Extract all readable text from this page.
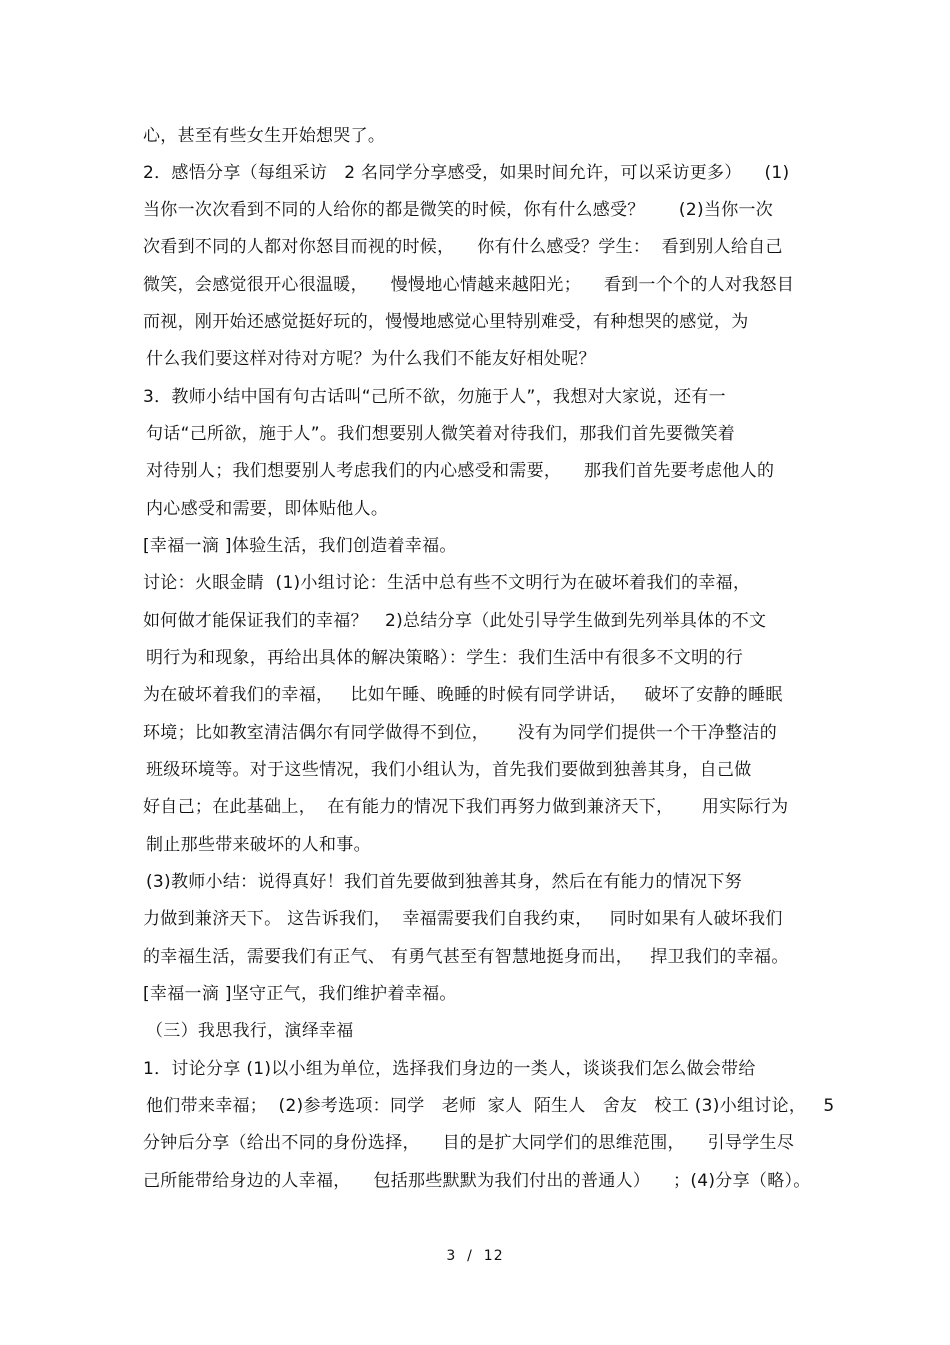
心，甚至有些女生开始想哭了。
2．感悟分享（每组采访   2 名同学分享感受，如果时间允许，可以采访更多）    (1)
当你一次次看到不同的人给你的都是微笑的时候，你有什么感受？      (2)当你一次
次看到不同的人都对你怒目而视的时候，    你有什么感受？学生：  看到别人给自己
微笑，会感觉很开心很温暖，    慢慢地心情越来越阳光；    看到一个个的人对我怒目
而视，刚开始还感觉挺好玩的，慢慢地感觉心里特别难受，有种想哭的感觉，为
什么我们要这样对待对方呢？为什么我们不能友好相处呢？
3．教师小结中国有句古话叫“己所不欲，勿施于人”，我想对大家说，还有一
句话“己所欲，施于人”。我们想要别人微笑着对待我们，那我们首先要微笑着
对待别人；我们想要别人考虑我们的内心感受和需要，    那我们首先要考虑他人的
内心感受和需要，即体贴他人。
[幸福一滴 ]体验生活，我们创造着幸福。
讨论：火眼金睛  (1)小组讨论：生活中总有些不文明行为在破坏着我们的幸福，
如何做才能保证我们的幸福？   2)总结分享（此处引导学生做到先列举具体的不文
明行为和现象，再给出具体的解决策略）：学生：我们生活中有很多不文明的行
为在破坏着我们的幸福，   比如午睡、晚睡的时候有同学讲话，   破坏了安静的睡眠
环境；比如教室清洁偶尔有同学做得不到位，     没有为同学们提供一个干净整洁的
班级环境等。对于这些情况，我们小组认为，首先我们要做到独善其身，自己做
好自己；在此基础上，  在有能力的情况下我们再努力做到兼济天下，     用实际行为
制止那些带来破坏的人和事。
(3)教师小结：说得真好！我们首先要做到独善其身，然后在有能力的情况下努
力做到兼济天下。 这告诉我们，  幸福需要我们自我约束，   同时如果有人破坏我们
的幸福生活，需要我们有正气、 有勇气甚至有智慧地挺身而出，   捍卫我们的幸福。
[幸福一滴 ]坚守正气，我们维护着幸福。
（三）我思我行，演绎幸福
1．讨论分享 (1)以小组为单位，选择我们身边的一类人，谈谈我们怎么做会带给
他们带来幸福；  (2)参考选项：同学   老师  家人  陌生人   舍友   校工 (3)小组讨论，   5
分钟后分享（给出不同的身份选择，    目的是扩大同学们的思维范围，    引导学生尽
己所能带给身边的人幸福，    包括那些默默为我们付出的普通人）    ；(4)分享（略）。
3  /  12
